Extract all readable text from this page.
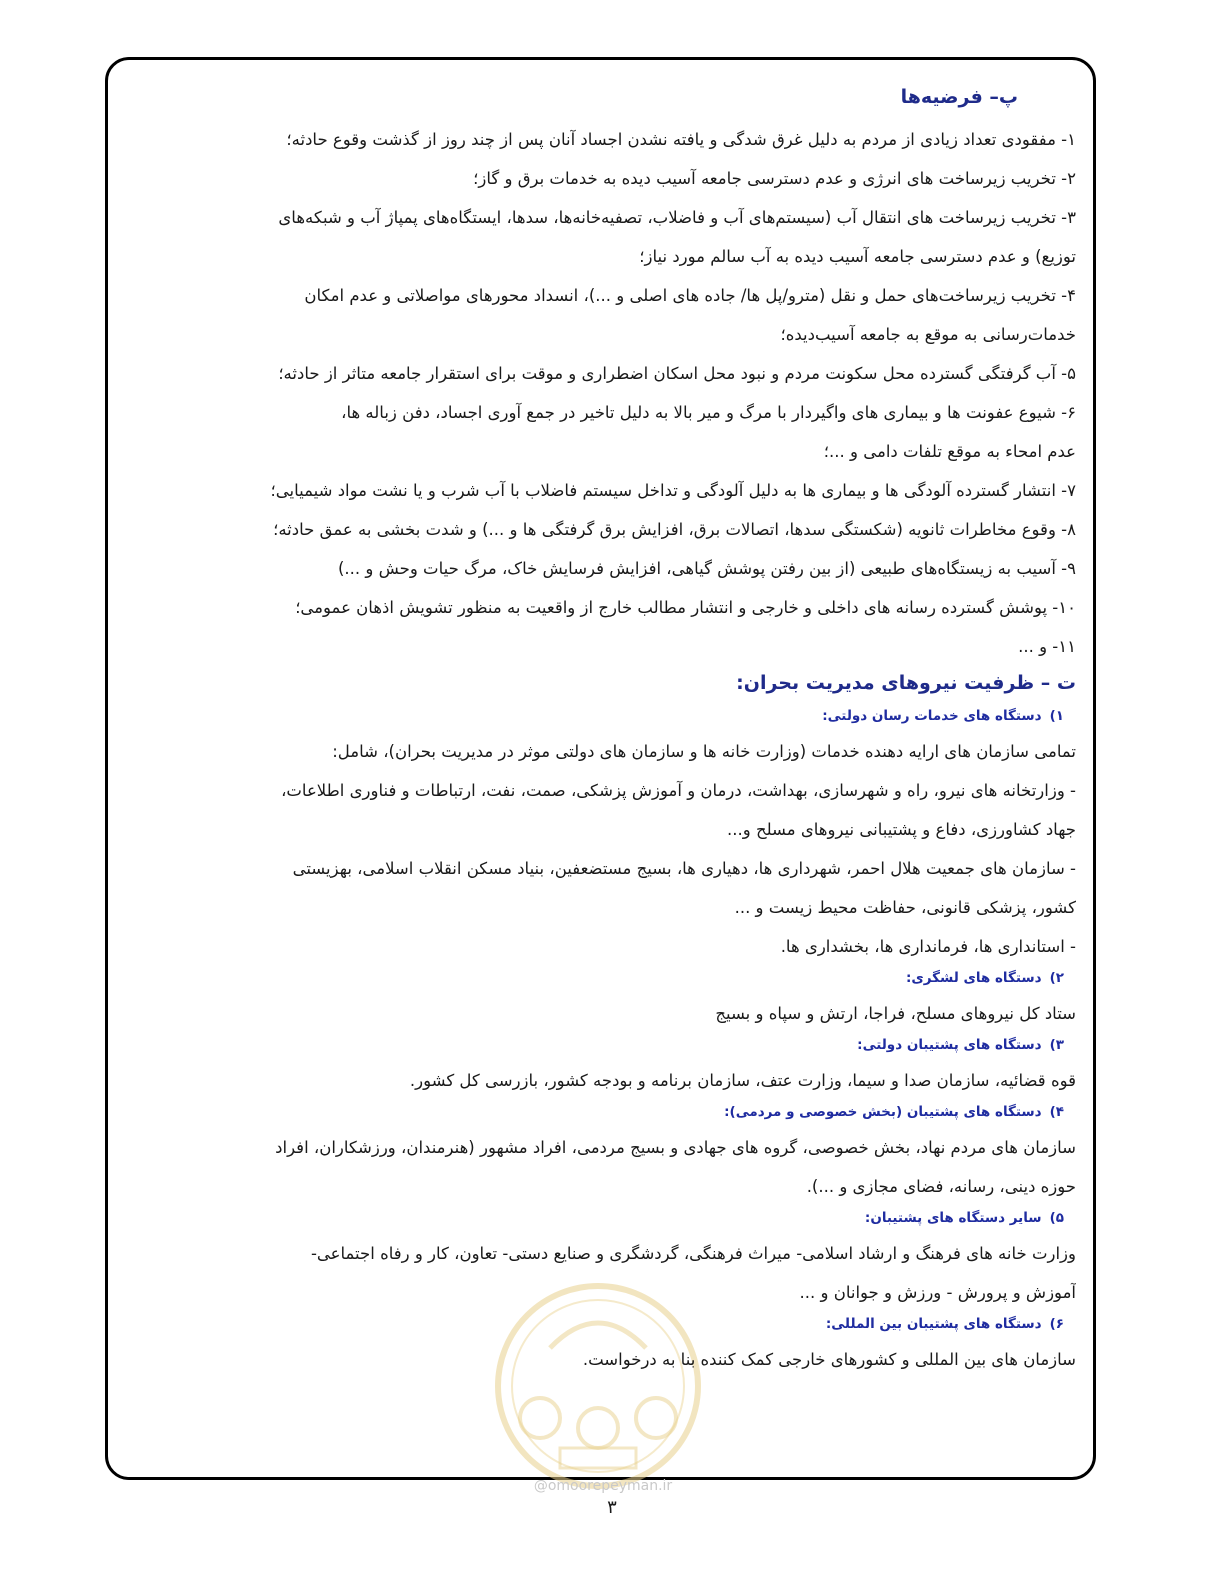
@omoorepeyman.ir
پ– فرضیه‌ها
۱- مفقودی تعداد زیادی از مردم به دلیل غرق شدگی و یافته نشدن اجساد آنان پس از چند روز از گذشت وقوع حادثه؛
۲- تخریب زیرساخت های انرژی و عدم دسترسی جامعه آسیب دیده به خدمات برق و گاز؛
۳- تخریب زیرساخت های انتقال آب (سیستم‌های آب و فاضلاب، تصفیه‌خانه‌ها، سدها، ایستگاه‌های پمپاژ آب و شبکه‌های
توزیع) و عدم دسترسی جامعه آسیب دیده به آب سالم مورد نیاز؛
۴- تخریب زیرساخت‌های حمل و نقل (مترو/پل ها/ جاده های اصلی و ...)، انسداد محورهای مواصلاتی و عدم امکان
خدمات‌رسانی به موقع به جامعه آسیب‌دیده؛
۵- آب گرفتگی گسترده محل سکونت مردم و نبود محل اسکان اضطراری و موقت برای استقرار جامعه متاثر از حادثه؛
۶- شیوع عفونت ها و بیماری های واگیردار با مرگ و میر بالا به دلیل تاخیر در جمع آوری اجساد، دفن زباله ها،
عدم امحاء به موقع تلفات دامی و ...؛
۷- انتشار گسترده آلودگی ها و بیماری ها به دلیل آلودگی و تداخل سیستم فاضلاب با آب شرب و یا نشت مواد شیمیایی؛
۸- وقوع مخاطرات ثانویه (شکستگی سدها، اتصالات برق، افزایش برق گرفتگی ها و ...) و شدت بخشی به عمق حادثه؛
۹- آسیب به زیستگاه‌های طبیعی (از بین رفتن پوشش گیاهی، افزایش فرسایش خاک، مرگ حیات وحش و ...)
۱۰- پوشش گسترده رسانه های داخلی و خارجی و انتشار مطالب خارج از واقعیت به منظور تشویش اذهان عمومی؛
۱۱- و ...
ت – ظرفیت نیروهای مدیریت بحران:
۱)دستگاه های خدمات رسان دولتی:
تمامی سازمان های ارایه دهنده خدمات (وزارت خانه ها و سازمان های دولتی موثر در مدیریت بحران)، شامل:
- وزارتخانه های نیرو، راه و شهرسازی، بهداشت، درمان و آموزش پزشکی، صمت، نفت، ارتباطات و فناوری اطلاعات،
جهاد کشاورزی، دفاع و پشتیبانی نیروهای مسلح و...
- سازمان های جمعیت هلال احمر، شهرداری ها، دهیاری ها، بسیج مستضعفین، بنیاد مسکن انقلاب اسلامی، بهزیستی
کشور، پزشکی قانونی، حفاظت محیط زیست و ...
- استانداری ها، فرمانداری ها، بخشداری ها.
۲)دستگاه های لشگری:
ستاد کل نیروهای مسلح، فراجا، ارتش و سپاه و بسیج
۳)دستگاه های پشتیبان دولتی:
قوه قضائیه، سازمان صدا و سیما، وزارت عتف، سازمان برنامه و بودجه کشور، بازرسی کل کشور.
۴)دستگاه های پشتیبان (بخش خصوصی و مردمی):
سازمان های مردم نهاد، بخش خصوصی، گروه های جهادی و بسیج مردمی، افراد مشهور (هنرمندان، ورزشکاران، افراد
حوزه دینی، رسانه، فضای مجازی و ...).
۵)سایر دستگاه های پشتیبان:
وزارت خانه های فرهنگ و ارشاد اسلامی- میراث فرهنگی، گردشگری و صنایع دستی- تعاون، کار و رفاه اجتماعی-
آموزش و پرورش - ورزش و جوانان و ...
۶)دستگاه های پشتیبان بین المللی:
سازمان های بین المللی و کشورهای خارجی کمک کننده بنا به درخواست.
۳
